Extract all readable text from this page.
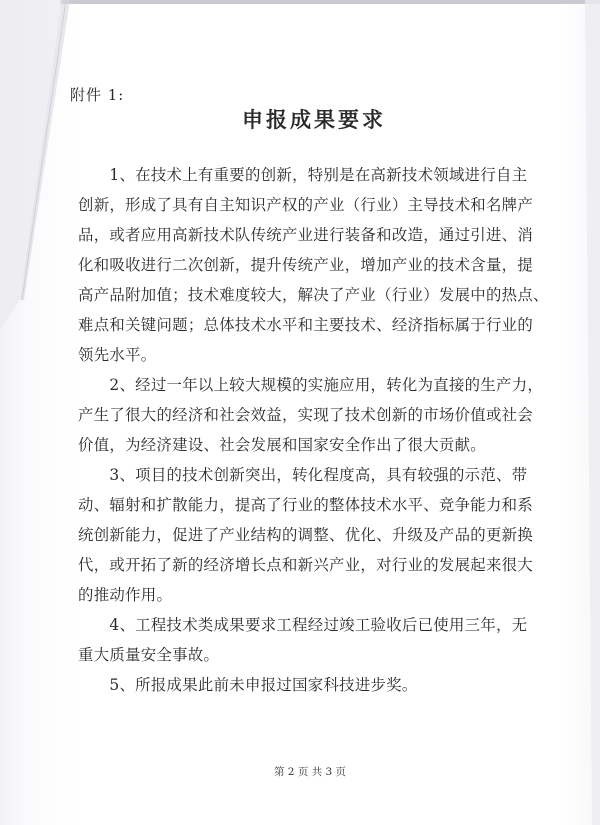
附件 1:
申报成果要求

　　1、在技术上有重要的创新，特别是在高新技术领域进行自主
创新，形成了具有自主知识产权的产业（行业）主导技术和名牌产
品，或者应用高新技术队传统产业进行装备和改造，通过引进、消
化和吸收进行二次创新，提升传统产业，增加产业的技术含量，提
高产品附加值；技术难度较大，解决了产业（行业）发展中的热点、
难点和关键问题；总体技术水平和主要技术、经济指标属于行业的
领先水平。

　　2、经过一年以上较大规模的实施应用，转化为直接的生产力，
产生了很大的经济和社会效益，实现了技术创新的市场价值或社会
价值，为经济建设、社会发展和国家安全作出了很大贡献。

　　3、项目的技术创新突出，转化程度高，具有较强的示范、带
动、辐射和扩散能力，提高了行业的整体技术水平、竞争能力和系
统创新能力，促进了产业结构的调整、优化、升级及产品的更新换
代，或开拓了新的经济增长点和新兴产业，对行业的发展起来很大
的推动作用。

　　4、工程技术类成果要求工程经过竣工验收后已使用三年，无
重大质量安全事故。

　　5、所报成果此前未申报过国家科技进步奖。

第 2 页 共 3 页
